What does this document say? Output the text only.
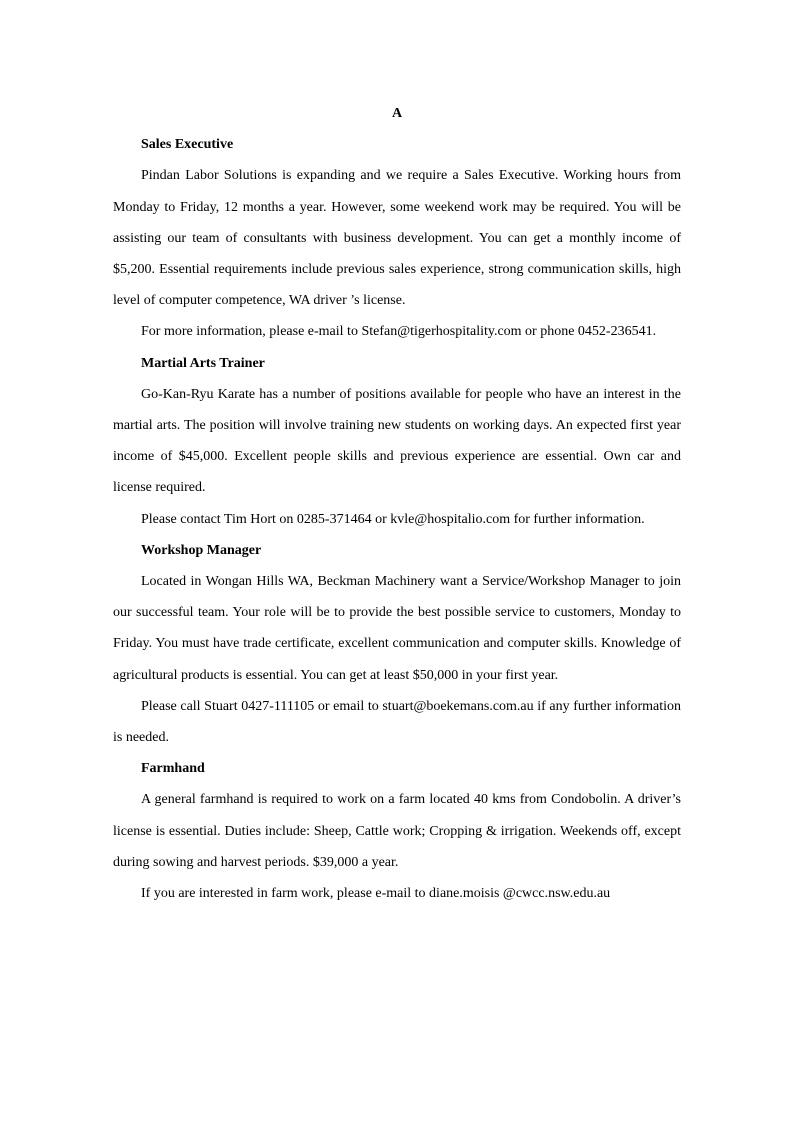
A

Sales Executive

Pindan Labor Solutions is expanding and we require a Sales Executive. Working hours from Monday to Friday, 12 months a year. However, some weekend work may be required. You will be assisting our team of consultants with business development. You can get a monthly income of $5,200. Essential requirements include previous sales experience, strong communication skills, high level of computer competence, WA driver ’s license.

For more information, please e-mail to Stefan@tigerhospitality.com or phone 0452-236541.

Martial Arts Trainer

Go-Kan-Ryu Karate has a number of positions available for people who have an interest in the martial arts. The position will involve training new students on working days. An expected first year income of $45,000. Excellent people skills and previous experience are essential. Own car and license required.

Please contact Tim Hort on 0285-371464 or kvle@hospitalio.com for further information.

Workshop Manager

Located in Wongan Hills WA, Beckman Machinery want a Service/Workshop Manager to join our successful team. Your role will be to provide the best possible service to customers, Monday to Friday. You must have trade certificate, excellent communication and computer skills. Knowledge of agricultural products is essential. You can get at least $50,000 in your first year.

Please call Stuart 0427-111105 or email to stuart@boekemans.com.au if any further information is needed.

Farmhand

A general farmhand is required to work on a farm located 40 kms from Condobolin. A driver’s license is essential. Duties include: Sheep, Cattle work; Cropping & irrigation. Weekends off, except during sowing and harvest periods. $39,000 a year.

If you are interested in farm work, please e-mail to diane.moisis @cwcc.nsw.edu.au
